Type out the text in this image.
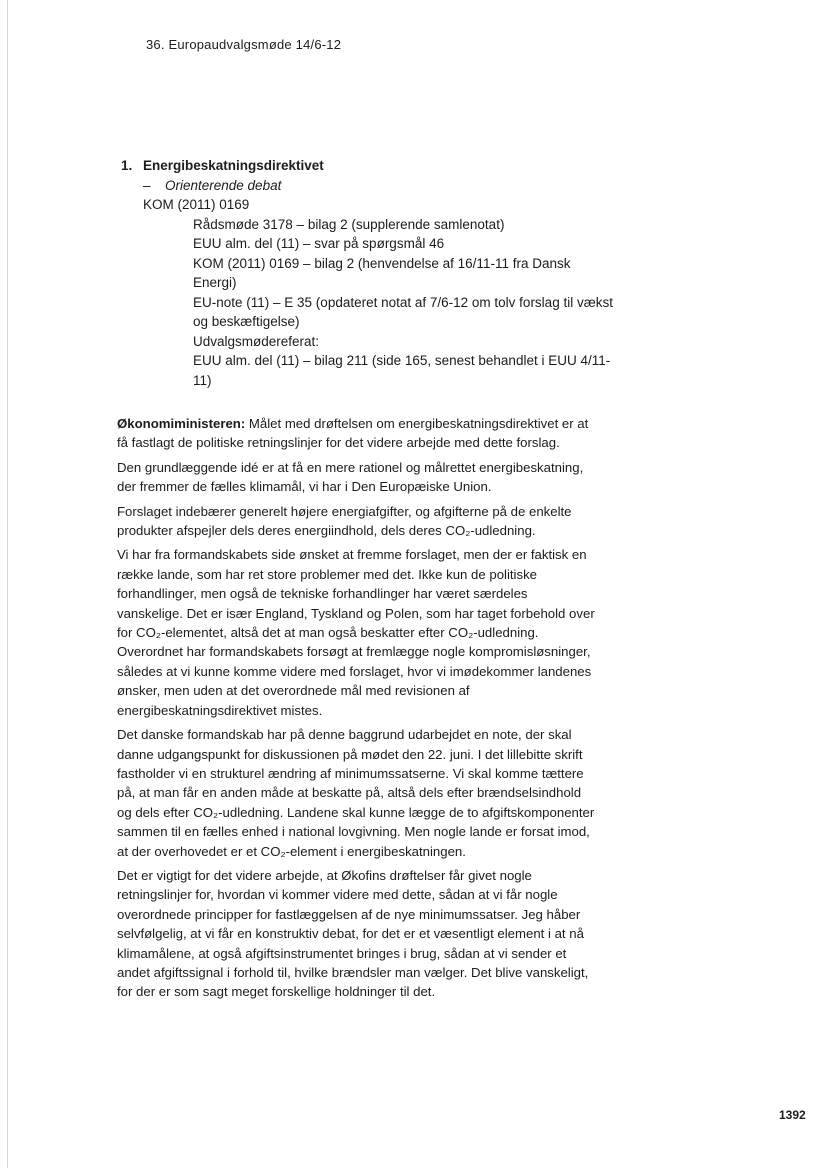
36. Europaudvalgsmøde 14/6-12
1. Energibeskatningsdirektivet
– Orienterende debat
KOM (2011) 0169
Rådsmøde 3178 – bilag 2 (supplerende samlenotat)
EUU alm. del (11) – svar på spørgsmål 46
KOM (2011) 0169 – bilag 2 (henvendelse af 16/11-11 fra Dansk Energi)
EU-note (11) – E 35 (opdateret notat af 7/6-12 om tolv forslag til vækst og beskæftigelse)
Udvalgsmødereferat:
EUU alm. del (11) – bilag 211 (side 165, senest behandlet i EUU 4/11-11)

Økonomiministeren: Målet med drøftelsen om energibeskatningsdirektivet er at få fastlagt de politiske retningslinjer for det videre arbejde med dette forslag.

Den grundlæggende idé er at få en mere rationel og målrettet energibeskatning, der fremmer de fælles klimamål, vi har i Den Europæiske Union.

Forslaget indebærer generelt højere energiafgifter, og afgifterne på de enkelte produkter afspejler dels deres energiindhold, dels deres CO₂-udledning.

Vi har fra formandskabets side ønsket at fremme forslaget, men der er faktisk en række lande, som har ret store problemer med det. Ikke kun de politiske forhandlinger, men også de tekniske forhandlinger har været særdeles vanskelige. Det er især England, Tyskland og Polen, som har taget forbehold over for CO₂-elementet, altså det at man også beskatter efter CO₂-udledning. Overordnet har formandskabets forsøgt at fremlægge nogle kompromisløsninger, således at vi kunne komme videre med forslaget, hvor vi imødekommer landenes ønsker, men uden at det overordnede mål med revisionen af energibeskatningsdirektivet mistes.

Det danske formandskab har på denne baggrund udarbejdet en note, der skal danne udgangspunkt for diskussionen på mødet den 22. juni. I det lillebitte skrift fastholder vi en strukturel ændring af minimumssatserne. Vi skal komme tættere på, at man får en anden måde at beskatte på, altså dels efter brændselsindhold og dels efter CO₂-udledning. Landene skal kunne lægge de to afgiftskomponenter sammen til en fælles enhed i national lovgivning. Men nogle lande er forsat imod, at der overhovedet er et CO₂-element i energibeskatningen.

Det er vigtigt for det videre arbejde, at Økofins drøftelser får givet nogle retningslinjer for, hvordan vi kommer videre med dette, sådan at vi får nogle overordnede principper for fastlæggelsen af de nye minimumssatser. Jeg håber selvfølgelig, at vi får en konstruktiv debat, for det er et væsentligt element i at nå klimamålene, at også afgiftsinstrumentet bringes i brug, sådan at vi sender et andet afgiftssignal i forhold til, hvilke brændsler man vælger. Det blive vanskeligt, for der er som sagt meget forskellige holdninger til det.

1392
